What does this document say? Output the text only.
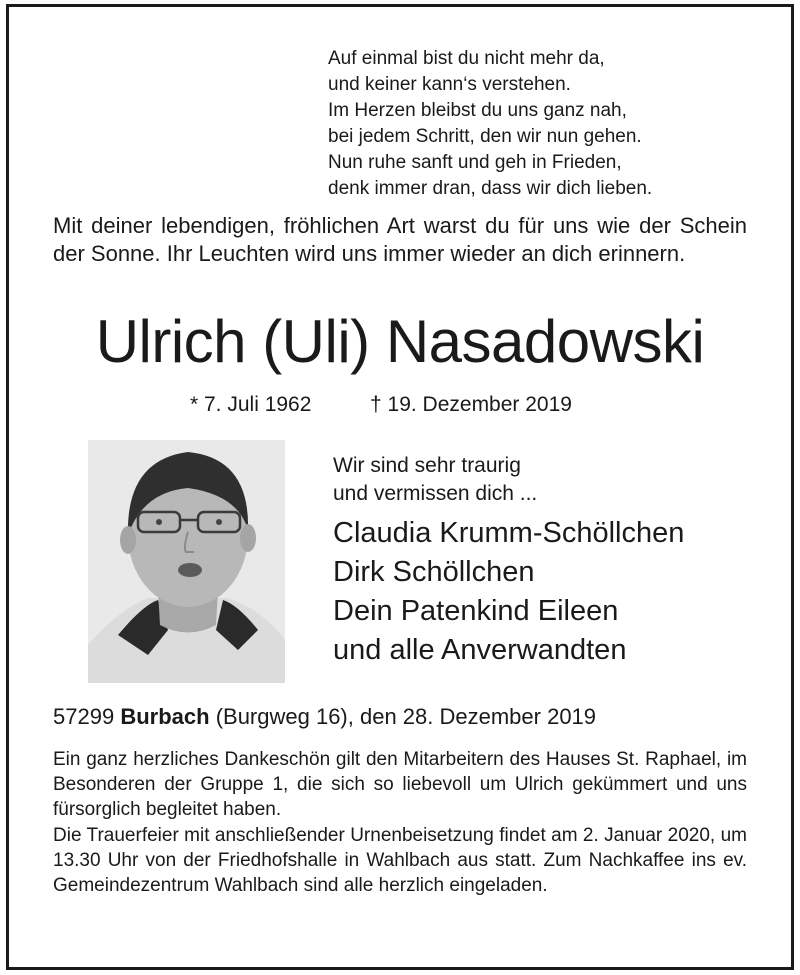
Auf einmal bist du nicht mehr da,
und keiner kann‘s verstehen.
Im Herzen bleibst du uns ganz nah,
bei jedem Schritt, den wir nun gehen.
Nun ruhe sanft und geh in Frieden,
denk immer dran, dass wir dich lieben.
Mit deiner lebendigen, fröhlichen Art warst du für uns wie der Schein der Sonne. Ihr Leuchten wird uns immer wieder an dich erinnern.
Ulrich (Uli) Nasadowski
* 7. Juli 1962	† 19. Dezember 2019
Wir sind sehr traurig
und vermissen dich ...
Claudia Krumm-Schöllchen
Dirk Schöllchen
Dein Patenkind Eileen
und alle Anverwandten
57299 Burbach (Burgweg 16), den 28. Dezember 2019
Ein ganz herzliches Dankeschön gilt den Mitarbeitern des Hauses St. Raphael, im Besonderen der Gruppe 1, die sich so liebevoll um Ulrich gekümmert und uns fürsorglich begleitet haben.
Die Trauerfeier mit anschließender Urnenbeisetzung findet am 2. Januar 2020, um 13.30 Uhr von der Friedhofshalle in Wahlbach aus statt. Zum Nachkaffee ins ev. Gemeindezentrum Wahlbach sind alle herzlich eingeladen.
